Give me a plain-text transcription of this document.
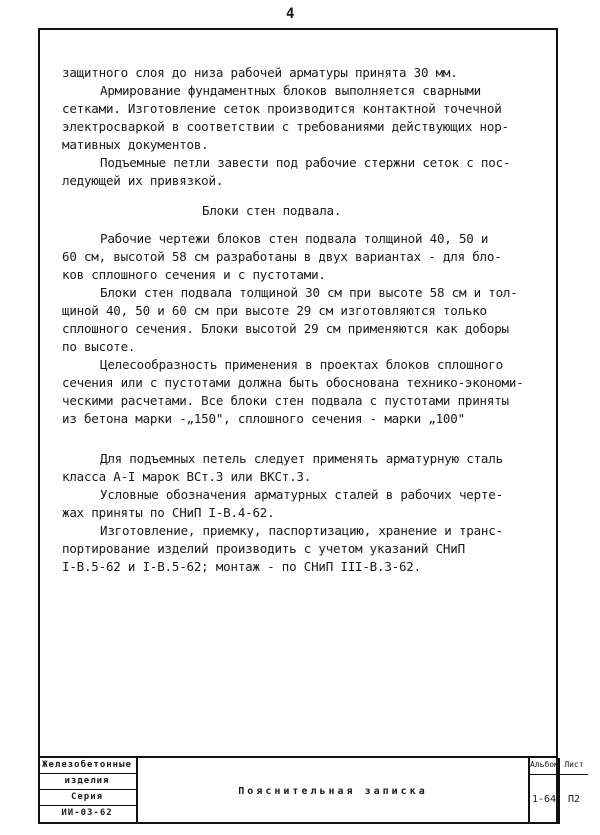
4
защитного слоя до низа рабочей арматуры принята 30 мм.
Армирование фундаментных блоков выполняется сварными
сетками. Изготовление сеток производится контактной точечной
электросваркой в соответствии с требованиями действующих нор-
мативных документов.
Подъемные петли завести под рабочие стержни сеток с пос-
ледующей их привязкой.
Блоки стен подвала.
Рабочие чертежи блоков стен подвала толщиной 40, 50 и
60 см, высотой 58 см разработаны в двух вариантах - для бло-
ков сплошного сечения и с пустотами.
Блоки стен подвала толщиной 30 см при высоте 58 см и тол-
щиной 40, 50 и 60 см при высоте 29 см изготовляются только
сплошного сечения. Блоки высотой 29 см применяются как доборы
по высоте.
Целесообразность применения в проектах блоков сплошного
сечения или с пустотами должна быть обоснована технико-экономи-
ческими расчетами. Все блоки стен подвала с пустотами приняты
из бетона марки -„150", сплошного сечения - марки „100"
Для подъемных петель следует применять арматурную сталь
класса А-I марок ВСт.3 или ВКСт.3.
Условные обозначения арматурных сталей в рабочих черте-
жах приняты по СНиП I-В.4-62.
Изготовление, приемку, паспортизацию, хранение и транс-
портирование изделий производить с учетом указаний СНиП
I-В.5-62 и I-В.5-62; монтаж - по СНиП III-В.3-62.
Железобетонные
изделия
Серия
ИИ-03-62
Пояснительная записка
Альбом
1-64
Лист
П2
